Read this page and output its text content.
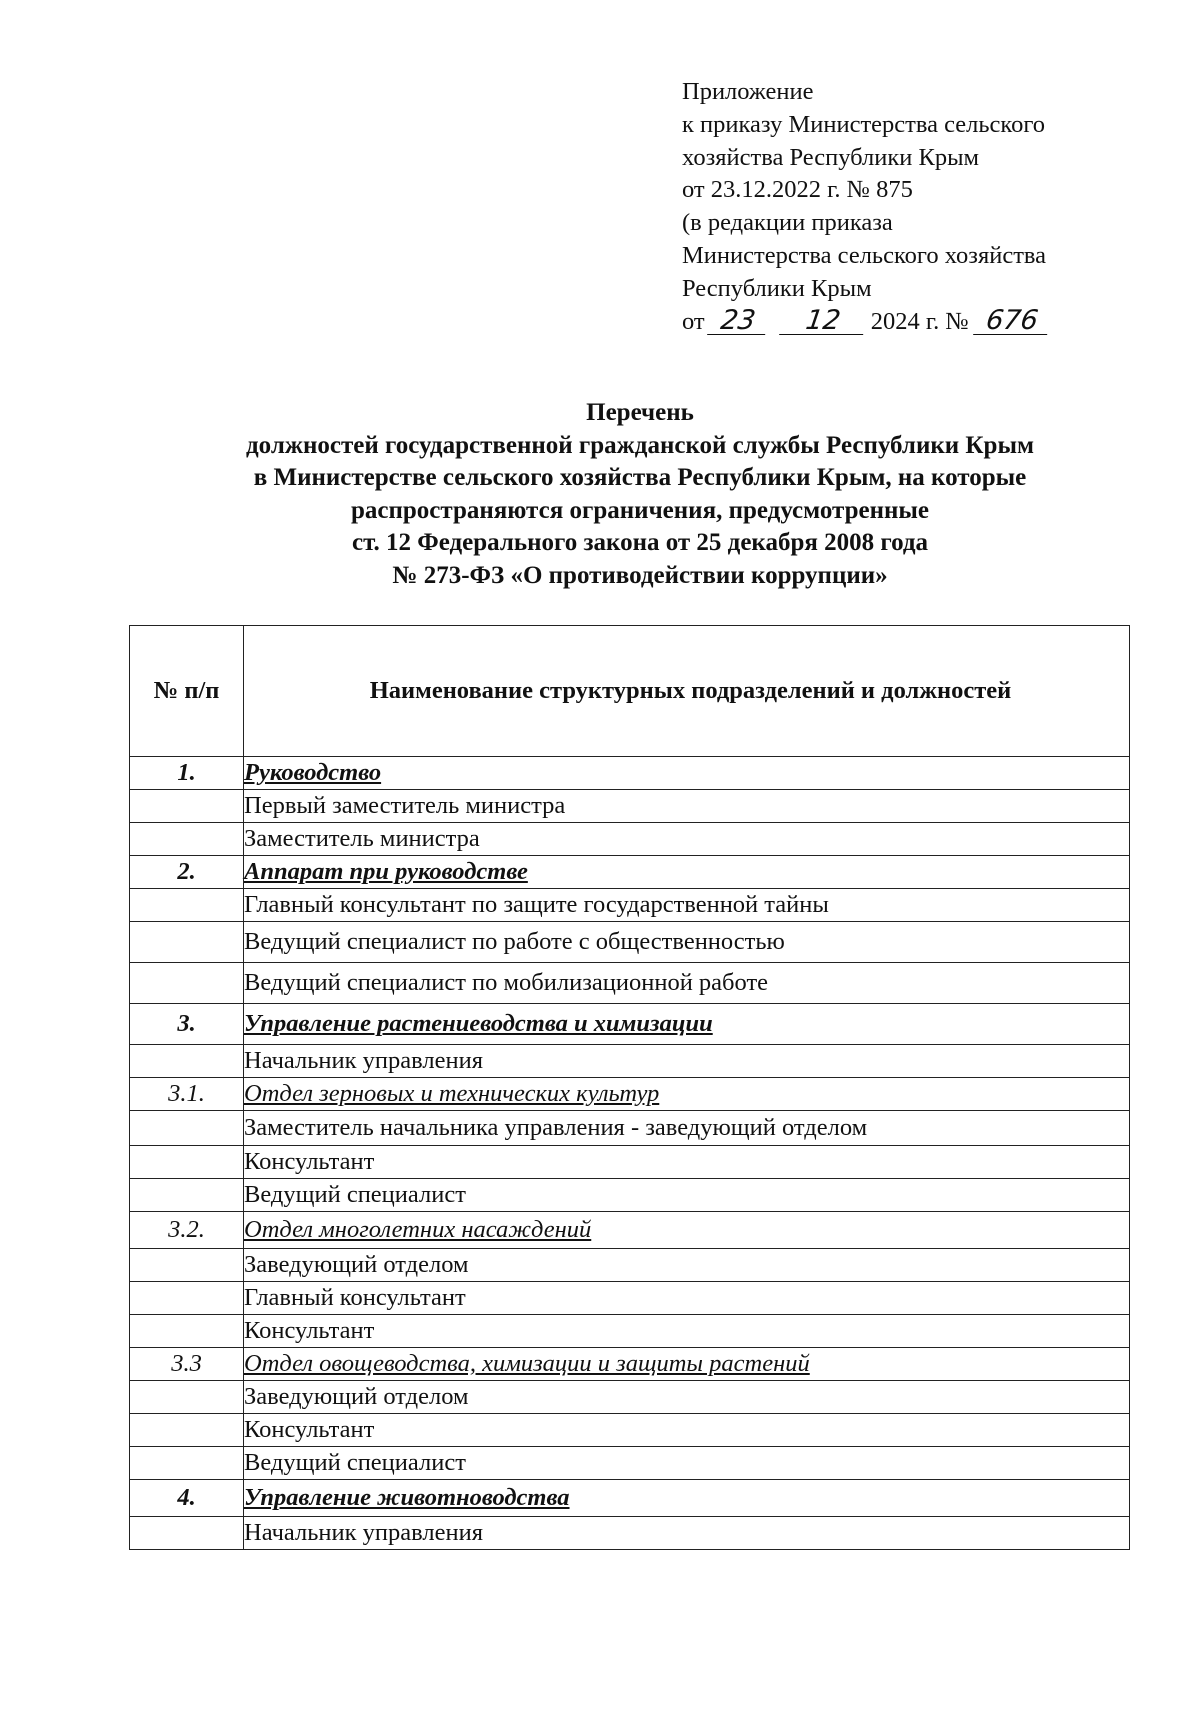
Приложение
к приказу Министерства сельского
хозяйства Республики Крым
от 23.12.2022 г. № 875
(в редакции приказа
Министерства сельского хозяйства
Республики Крым
от 23 12 2024 г. № 676
Перечень
должностей государственной гражданской службы Республики Крым
в Министерстве сельского хозяйства Республики Крым, на которые
распространяются ограничения, предусмотренные
ст. 12 Федерального закона от 25 декабря 2008 года
№ 273-ФЗ «О противодействии коррупции»
№ п/п	Наименование структурных подразделений и должностей
1.	Руководство
	Первый заместитель министра
	Заместитель министра
2.	Аппарат при руководстве
	Главный консультант по защите государственной тайны
	Ведущий специалист по работе с общественностью
	Ведущий специалист по мобилизационной работе
3.	Управление растениеводства и химизации
	Начальник управления
3.1.	Отдел зерновых и технических культур
	Заместитель начальника управления - заведующий отделом
	Консультант
	Ведущий специалист
3.2.	Отдел многолетних насаждений
	Заведующий отделом
	Главный консультант
	Консультант
3.3	Отдел овощеводства, химизации и защиты растений
	Заведующий отделом
	Консультант
	Ведущий специалист
4.	Управление животноводства
	Начальник управления
